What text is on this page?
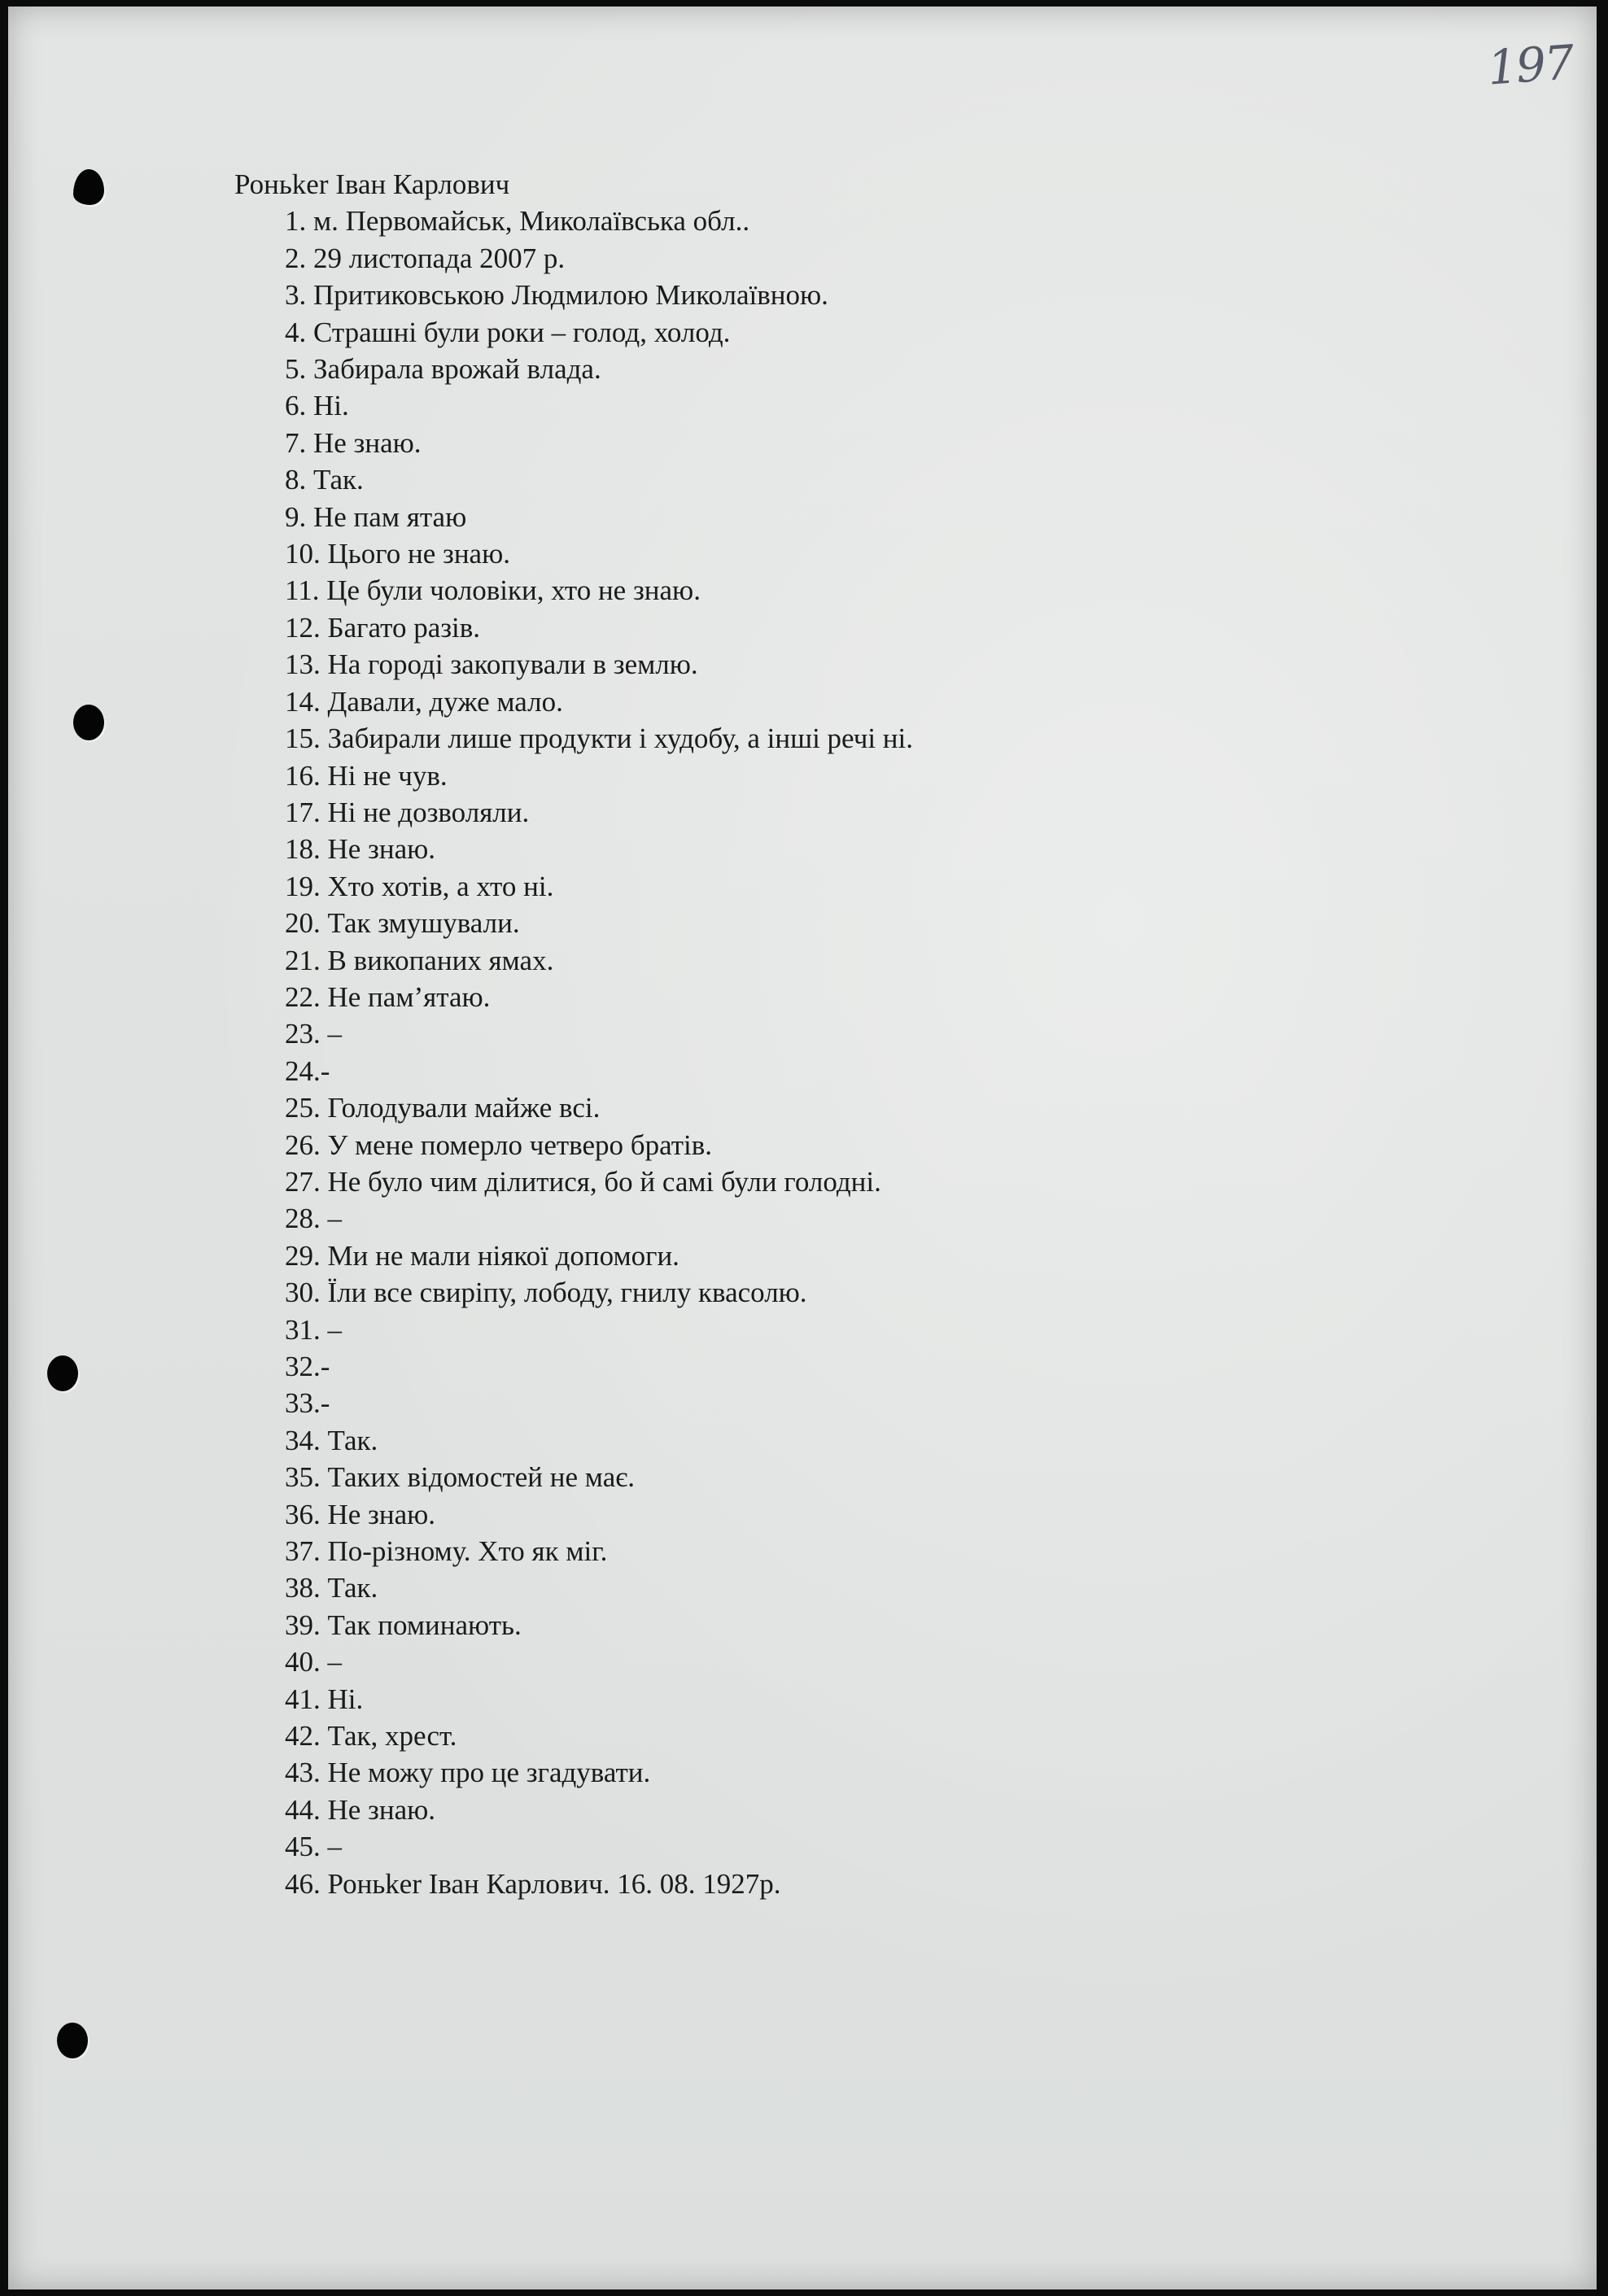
197
Роньker Іван Карлович
1. м. Первомайськ, Миколаївська обл..
2. 29 листопада 2007 р.
3. Притиковською Людмилою Миколаївною.
4. Страшні були роки – голод, холод.
5. Забирала врожай влада.
6. Ні.
7. Не знаю.
8. Так.
9. Не пам ятаю
10. Цього не знаю.
11. Це були чоловіки, хто не знаю.
12. Багато разів.
13. На городі закопували в землю.
14. Давали, дуже мало.
15. Забирали лише продукти і худобу, а інші речі ні.
16. Ні не чув.
17. Ні не дозволяли.
18. Не знаю.
19. Хто хотів, а хто ні.
20. Так змушували.
21. В викопаних ямах.
22. Не пам’ятаю.
23. –
24.-
25. Голодували майже всі.
26. У мене померло четверо братів.
27. Не було чим ділитися, бо й самі були голодні.
28. –
29. Ми не мали ніякої допомоги.
30. Їли все свиріпу, лободу, гнилу квасолю.
31. –
32.-
33.-
34. Так.
35. Таких відомостей не має.
36. Не знаю.
37. По-різному. Хто як міг.
38. Так.
39. Так поминають.
40. –
41. Ні.
42. Так, хрест.
43. Не можу про це згадувати.
44. Не знаю.
45. –
46. Роньker Іван Карлович. 16. 08. 1927р.
